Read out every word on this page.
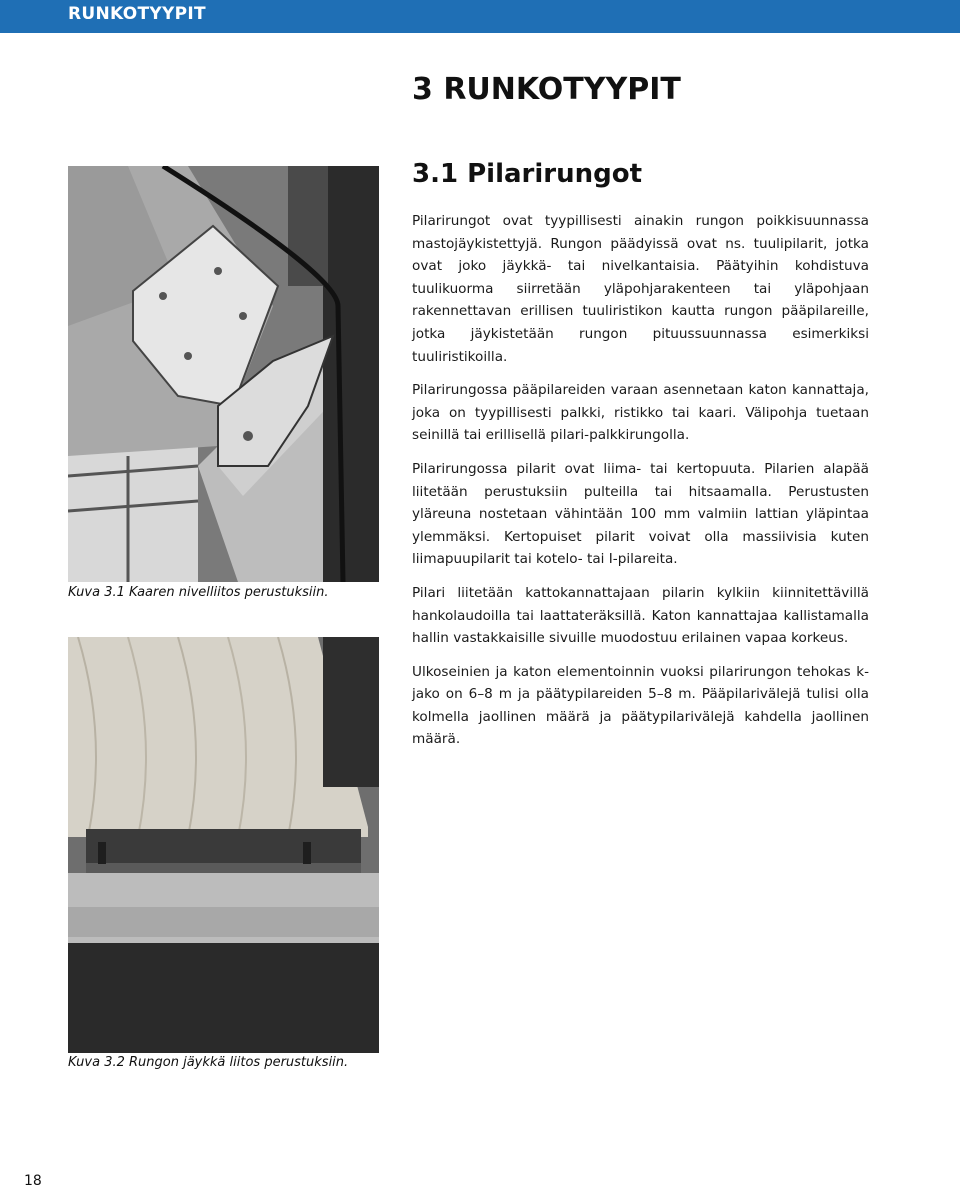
RUNKOTYYPIT
3 RUNKOTYYPIT
3.1 Pilarirungot

Pilarirungot ovat tyypillisesti ainakin rungon poikkisuunnassa mastojäykistettyjä. Rungon päädyissä ovat ns. tuulipilarit, jotka ovat joko jäykkä- tai nivelkantaisia. Päätyihin kohdistuva tuulikuorma siirretään yläpohjarakenteen tai yläpohjaan rakennettavan erillisen tuuliristikon kautta rungon pääpilareille, jotka jäykistetään rungon pituussuunnassa esimerkiksi tuuliristikoilla.

Pilarirungossa pääpilareiden varaan asennetaan katon kannattaja, joka on tyypillisesti palkki, ristikko tai kaari. Välipohja tuetaan seinillä tai erillisellä pilari-palkkirungolla.

Pilarirungossa pilarit ovat liima- tai kertopuuta. Pilarien alapää liitetään perustuksiin pulteilla tai hitsaamalla. Perustusten yläreuna nostetaan vähintään 100 mm valmiin lattian yläpintaa ylemmäksi. Kertopuiset pilarit voivat olla massiivisia kuten liimapuupilarit tai kotelo- tai I-pilareita.

Pilari liitetään kattokannattajaan pilarin kylkiin kiinnitettävillä hankolaudoilla tai laattateräksillä. Katon kannattajaa kallistamalla hallin vastakkaisille sivuille muodostuu erilainen vapaa korkeus.

Ulkoseinien ja katon elementoinnin vuoksi pilarirungon tehokas k-jako on 6–8 m ja päätypilareiden 5–8 m. Pääpilarivälejä tulisi olla kolmella jaollinen määrä ja päätypilarivälejä kahdella jaollinen määrä.

Kuva 3.1 Kaaren nivelliitos perustuksiin.
Kuva 3.2 Rungon jäykkä liitos perustuksiin.
18
